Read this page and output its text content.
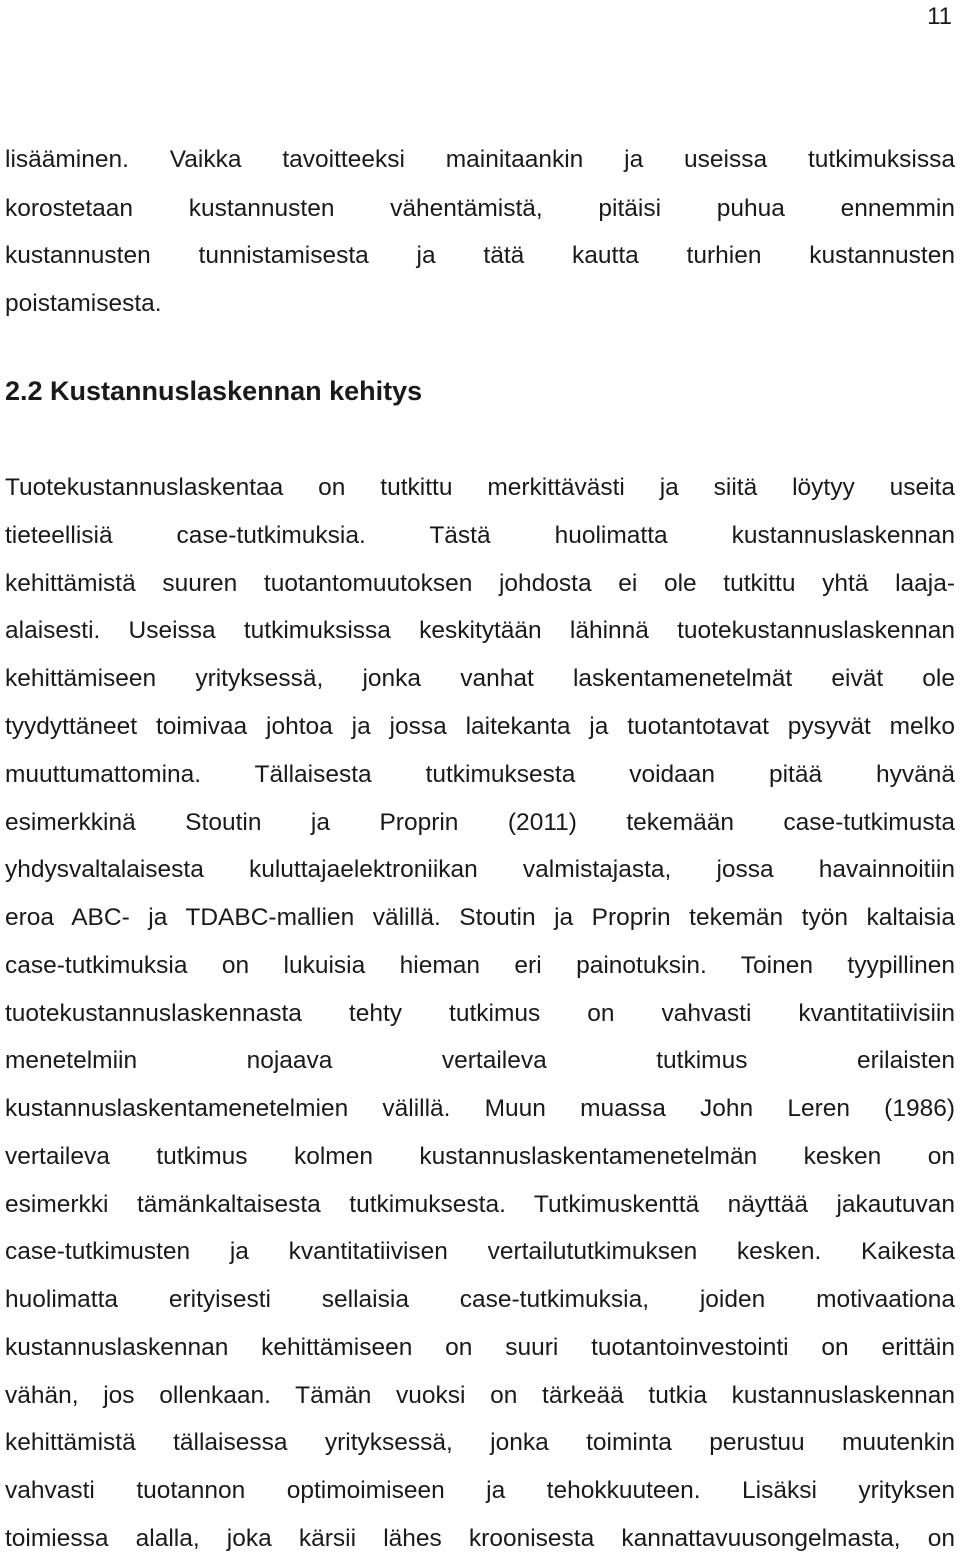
11
lisääminen. Vaikka tavoitteeksi mainitaankin ja useissa tutkimuksissa
korostetaan kustannusten vähentämistä, pitäisi puhua ennemmin
kustannusten tunnistamisesta ja tätä kautta turhien kustannusten
poistamisesta.
2.2 Kustannuslaskennan kehitys
Tuotekustannuslaskentaa on tutkittu merkittävästi ja siitä löytyy useita
tieteellisiä case-tutkimuksia. Tästä huolimatta kustannuslaskennan
kehittämistä suuren tuotantomuutoksen johdosta ei ole tutkittu yhtä laaja-
alaisesti. Useissa tutkimuksissa keskitytään lähinnä tuotekustannuslaskennan
kehittämiseen yrityksessä, jonka vanhat laskentamenetelmät eivät ole
tyydyttäneet toimivaa johtoa ja jossa laitekanta ja tuotantotavat pysyvät melko
muuttumattomina. Tällaisesta tutkimuksesta voidaan pitää hyvänä
esimerkkinä Stoutin ja Proprin (2011) tekemään case-tutkimusta
yhdysvaltalaisesta kuluttajaelektroniikan valmistajasta, jossa havainnoitiin
eroa ABC- ja TDABC-mallien välillä. Stoutin ja Proprin tekemän työn kaltaisia
case-tutkimuksia on lukuisia hieman eri painotuksin. Toinen tyypillinen
tuotekustannuslaskennasta tehty tutkimus on vahvasti kvantitatiivisiin
menetelmiin nojaava vertaileva tutkimus erilaisten
kustannuslaskentamenetelmien välillä. Muun muassa John Leren (1986)
vertaileva tutkimus kolmen kustannuslaskentamenetelmän kesken on
esimerkki tämänkaltaisesta tutkimuksesta. Tutkimuskenttä näyttää jakautuvan
case-tutkimusten ja kvantitatiivisen vertailututkimuksen kesken. Kaikesta
huolimatta erityisesti sellaisia case-tutkimuksia, joiden motivaationa
kustannuslaskennan kehittämiseen on suuri tuotantoinvestointi on erittäin
vähän, jos ollenkaan. Tämän vuoksi on tärkeää tutkia kustannuslaskennan
kehittämistä tällaisessa yrityksessä, jonka toiminta perustuu muutenkin
vahvasti tuotannon optimoimiseen ja tehokkuuteen. Lisäksi yrityksen
toimiessa alalla, joka kärsii lähes kroonisesta kannattavuusongelmasta, on
